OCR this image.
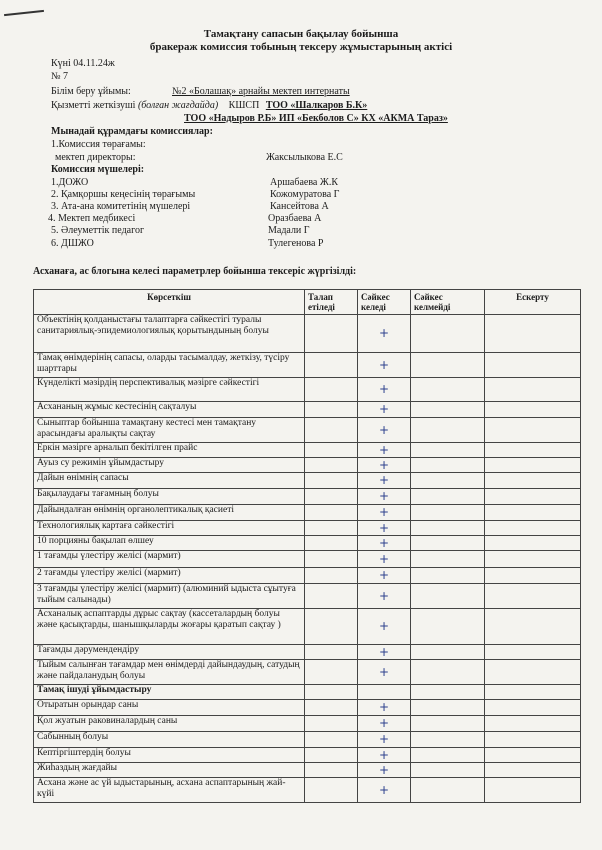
Тамақтану сапасын бақылау бойынша
бракераж комиссия тобының тексеру жұмыстарының актісі
Күні 04.11.24ж
№ 7
Білім беру ұйымы:	№2 «Болашақ» арнайы мектеп интернаты
Қызметті жеткізуші (болған жағдайда) КШСП ТОО «Шалкаров Б.К»
ТОО «Надыров Р.Б» ИП «Бекболов С» КХ «АКМА Тараз»
Мынадай құрамдағы комиссиялар:
1.Комиссия төрағамы:
мектеп директоры:	Жаксылыкова Е.С
Комиссия мүшелері:
1.ДОЖО	Аршабаева Ж.К
2. Қамқоршы кеңесінің төрағымы	Кожомуратова Г
3. Ата-ана комитетінің мүшелері	Кансейтова А
4. Мектеп медбикесі	Оразбаева А
5. Әлеуметтік педагог	Мадали Г
6. ДШЖО	Тулегенова Р
Асханаға, ас блогына келесі параметрлер бойынша тексеріс жүргізілді:
Көрсеткіш	Талап етіледі	Сәйкес келеді	Сәйкес келмейді	Ескерту
Объектінің қолданыстағы талаптарға сәйкестігі туралы санитариялық-эпидемиологиялық қорытындының болуы		+		
Тамақ өнімдерінің сапасы, оларды тасымалдау, жеткізу, түсіру шарттары		+		
Күнделікті мәзірдің перспективалық мәзірге сәйкестігі		+		
Асхананың жұмыс кестесінің сақталуы		+		
Сыныптар бойынша тамақтану кестесі мен тамақтану арасындағы аралықты сақтау		+		
Еркін мәзірге арналып бекітілген прайс		+		
Ауыз су режимін ұйымдастыру		+		
Дайын өнімнің сапасы		+		
Бақылаудағы тағамның болуы		+		
Дайындалған өнімнің органолептикалық қасиеті		+		
Технологиялық картаға сәйкестігі		+		
10 порцияны бақылап өлшеу		+		
1 тағамды үлестіру желісі (мармит)		+		
2 тағамды үлестіру желісі (мармит)		+		
3 тағамды үлестіру желісі (мармит) (алюминий ыдыста сұытуға тыйым салынады)		+		
Асханалық аспаптарды дұрыс сақтау (кассеталардың болуы және қасықтарды, шанышқыларды жоғары қаратып сақтау )		+		
Тағамды дәрумендендіру		+		
Тыйым салынған тағамдар мен өнімдерді дайындаудың, сатудың және пайдаланудың болуы		+		
Тамақ ішуді ұйымдастыру				
Отыратын орындар саны		+		
Қол жуатын раковиналардың саны		+		
Сабынның болуы		+		
Кептіргіштердің болуы		+		
Жиһаздың жағдайы		+		
Асхана және ас үй ыдыстарының, асхана аспаптарының жай-күйі		+		
